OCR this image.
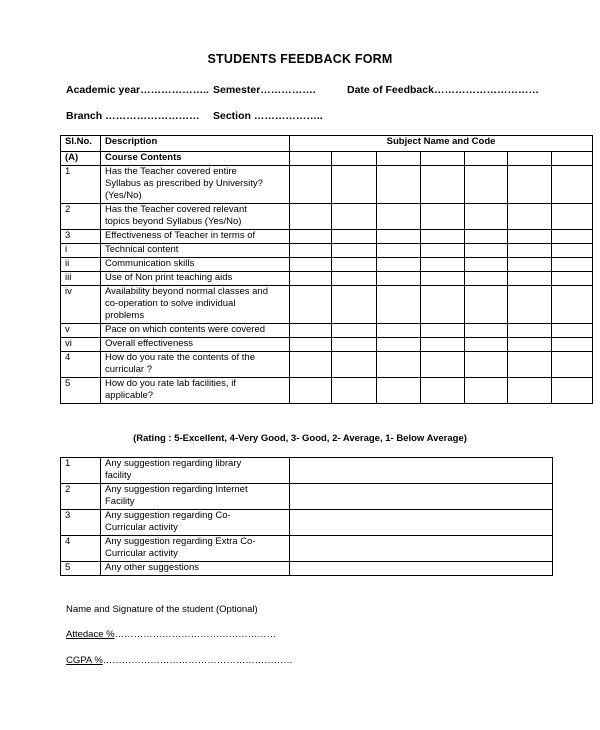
STUDENTS FEEDBACK FORM
Academic year……………….. Semester…………….	Date of Feedback…………………………
Branch ……………………… Section ………………..
Sl.No.	Description	Subject Name and Code						
(A)	Course Contents							

1	Has the Teacher covered entire
Syllabus as prescribed by University?
(Yes/No)							

2	Has the Teacher covered relevant
topics beyond Syllabus (Yes/No)							

3	Effectiveness of Teacher in terms of							

i	Technical content							

ii	Communication skills							

iii	Use of Non print teaching aids							

iv	Availability beyond normal classes and
co-operation to solve individual
problems							

v	Pace on which contents were covered							

vi	Overall effectiveness							

4	How do you rate the contents of the
curricular ?							

5	How do you rate lab facilities, if
applicable?							

(Rating : 5-Excellent, 4-Very Good, 3- Good, 2- Average, 1- Below Average)
1	Any suggestion regarding library
facility	

2	Any suggestion regarding Internet
Facility	

3	Any suggestion regarding Co-
Curricular activity	

4	Any suggestion regarding Extra Co-
Curricular activity	

5	Any other suggestions	

Name and Signature of the student (Optional)
Attedace %……………………………………………
CGPA %……………………………………………………
